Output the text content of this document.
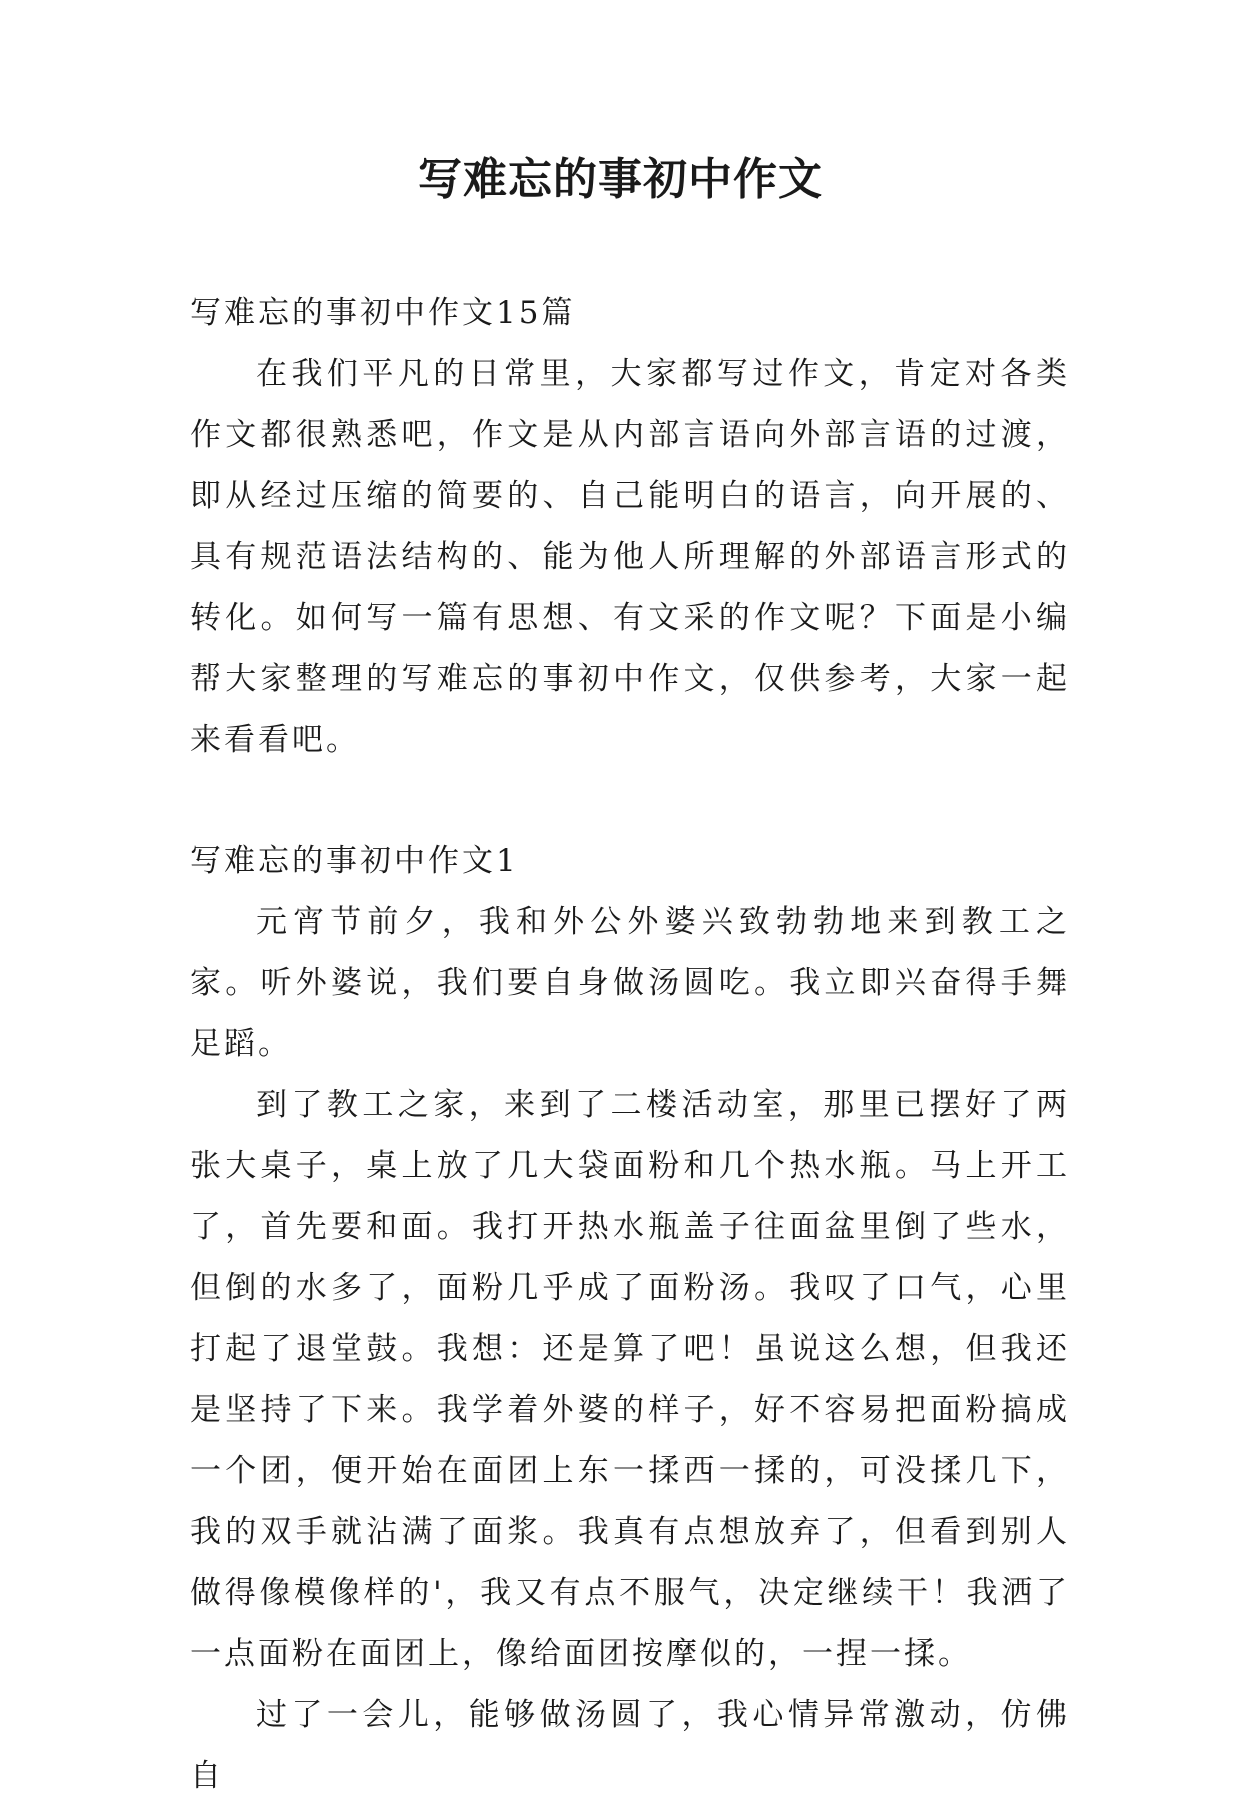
写难忘的事初中作文

写难忘的事初中作文15篇

在我们平凡的日常里，大家都写过作文，肯定对各类作文都很熟悉吧，作文是从内部言语向外部言语的过渡，即从经过压缩的简要的、自己能明白的语言，向开展的、具有规范语法结构的、能为他人所理解的外部语言形式的转化。如何写一篇有思想、有文采的作文呢？下面是小编帮大家整理的写难忘的事初中作文，仅供参考，大家一起来看看吧。

写难忘的事初中作文1

元宵节前夕，我和外公外婆兴致勃勃地来到教工之家。听外婆说，我们要自身做汤圆吃。我立即兴奋得手舞足蹈。

到了教工之家，来到了二楼活动室，那里已摆好了两张大桌子，桌上放了几大袋面粉和几个热水瓶。马上开工了，首先要和面。我打开热水瓶盖子往面盆里倒了些水，但倒的水多了，面粉几乎成了面粉汤。我叹了口气，心里打起了退堂鼓。我想：还是算了吧！虽说这么想，但我还是坚持了下来。我学着外婆的样子，好不容易把面粉搞成一个团，便开始在面团上东一揉西一揉的，可没揉几下，我的双手就沾满了面浆。我真有点想放弃了，但看到别人做得像模像样的'，我又有点不服气，决定继续干！我洒了一点面粉在面团上，像给面团按摩似的，一捏一揉。

过了一会儿，能够做汤圆了，我心情异常激动，仿佛自
